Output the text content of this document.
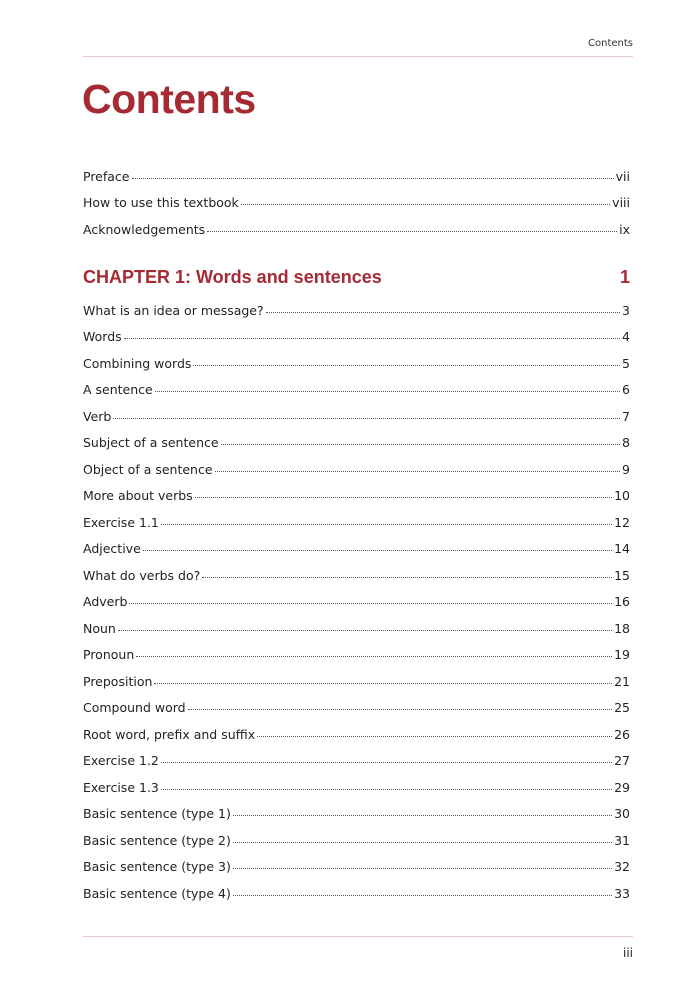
Contents
Contents
Preface	vii
How to use this textbook	viii
Acknowledgements	ix
CHAPTER 1: Words and sentences	1
What is an idea or message?	3
Words	4
Combining words	5
A sentence	6
Verb	7
Subject of a sentence	8
Object of a sentence	9
More about verbs	10
Exercise 1.1	12
Adjective	14
What do verbs do?	15
Adverb	16
Noun	18
Pronoun	19
Preposition	21
Compound word	25
Root word, prefix and suffix	26
Exercise 1.2	27
Exercise 1.3	29
Basic sentence (type 1)	30
Basic sentence (type 2)	31
Basic sentence (type 3)	32
Basic sentence (type 4)	33
iii
